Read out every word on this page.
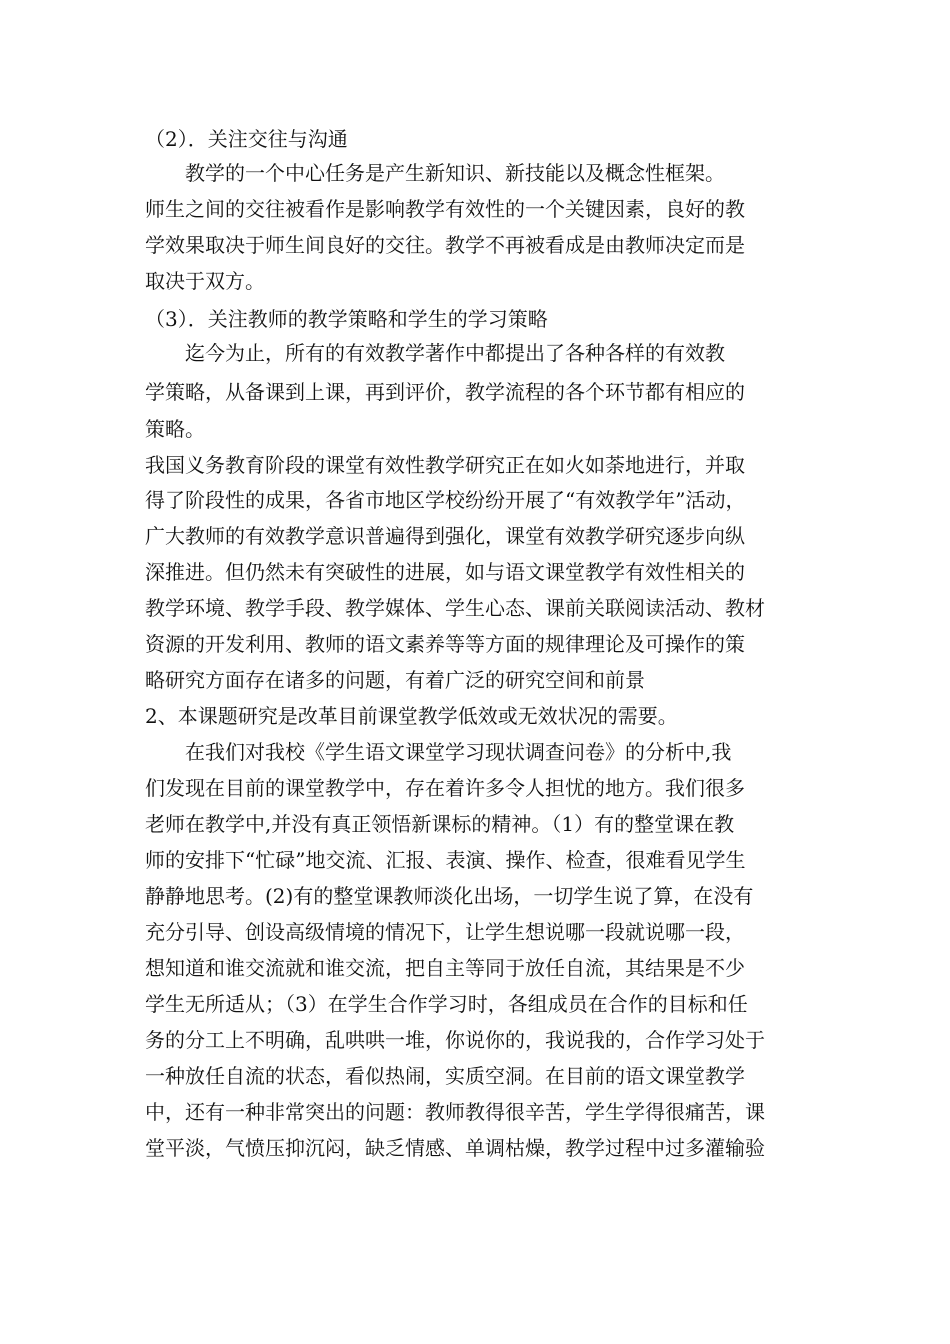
（2）．关注交往与沟通
　　教学的一个中心任务是产生新知识、新技能以及概念性框架。
师生之间的交往被看作是影响教学有效性的一个关键因素，良好的教
学效果取决于师生间良好的交往。教学不再被看成是由教师决定而是
取决于双方。
（3）．关注教师的教学策略和学生的学习策略
　　迄今为止，所有的有效教学著作中都提出了各种各样的有效教
学策略，从备课到上课，再到评价，教学流程的各个环节都有相应的
策略。
我国义务教育阶段的课堂有效性教学研究正在如火如荼地进行，并取
得了阶段性的成果，各省市地区学校纷纷开展了“有效教学年”活动，
广大教师的有效教学意识普遍得到强化，课堂有效教学研究逐步向纵
深推进。但仍然未有突破性的进展，如与语文课堂教学有效性相关的
教学环境、教学手段、教学媒体、学生心态、课前关联阅读活动、教材
资源的开发利用、教师的语文素养等等方面的规律理论及可操作的策
略研究方面存在诸多的问题，有着广泛的研究空间和前景
2、本课题研究是改革目前课堂教学低效或无效状况的需要。
　　在我们对我校《学生语文课堂学习现状调查问卷》的分析中,我
们发现在目前的课堂教学中，存在着许多令人担忧的地方。我们很多
老师在教学中,并没有真正领悟新课标的精神。（1）有的整堂课在教
师的安排下“忙碌”地交流、汇报、表演、操作、检查，很难看见学生
静静地思考。(2)有的整堂课教师淡化出场，一切学生说了算，在没有
充分引导、创设高级情境的情况下，让学生想说哪一段就说哪一段，
想知道和谁交流就和谁交流，把自主等同于放任自流，其结果是不少
学生无所适从；（3）在学生合作学习时，各组成员在合作的目标和任
务的分工上不明确，乱哄哄一堆，你说你的，我说我的，合作学习处于
一种放任自流的状态，看似热闹，实质空洞。在目前的语文课堂教学
中，还有一种非常突出的问题：教师教得很辛苦，学生学得很痛苦，课
堂平淡，气愤压抑沉闷，缺乏情感、单调枯燥，教学过程中过多灌输验
